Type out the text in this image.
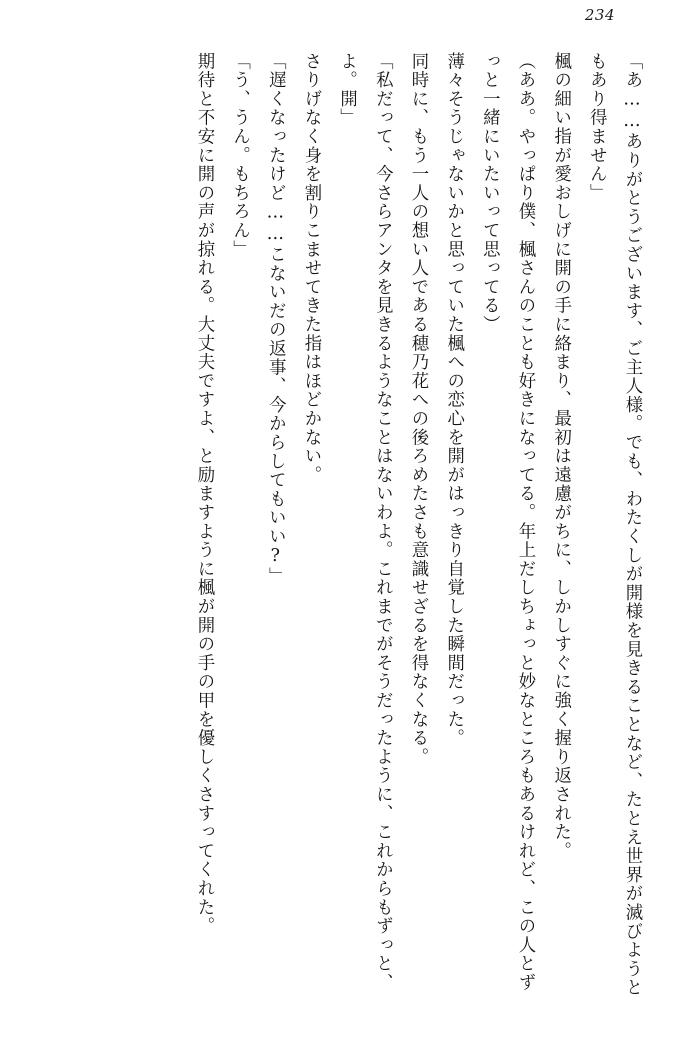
234

「あ……ありがとうございます、ご主人様。でも、わたくしが開様を見きることなど、たとえ世界が滅びようともあり得ません」

楓の細い指が愛おしげに開の手に絡まり、最初は遠慮がちに、しかしすぐに強く握り返された。

（ああ。やっぱり僕、楓さんのことも好きになってる。年上だしちょっと妙なところもあるけれど、この人とずっと一緒にいたいって思ってる）

薄々そうじゃないかと思っていた楓への恋心を開がはっきり自覚した瞬間だった。

同時に、もう一人の想い人である穂乃花への後ろめたさも意識せざるを得なくなる。

「私だって、今さらアンタを見きるようなことはないわよ。これまでがそうだったように、これからもずっと、よ。開」

さりげなく身を割りこませてきた指はほどかない。

「遅くなったけど……こないだの返事、今からしてもいい?」

「う、うん。もちろん」

期待と不安に開の声が掠れる。大丈夫ですよ、と励ますように楓が開の手の甲を優しくさすってくれた。
